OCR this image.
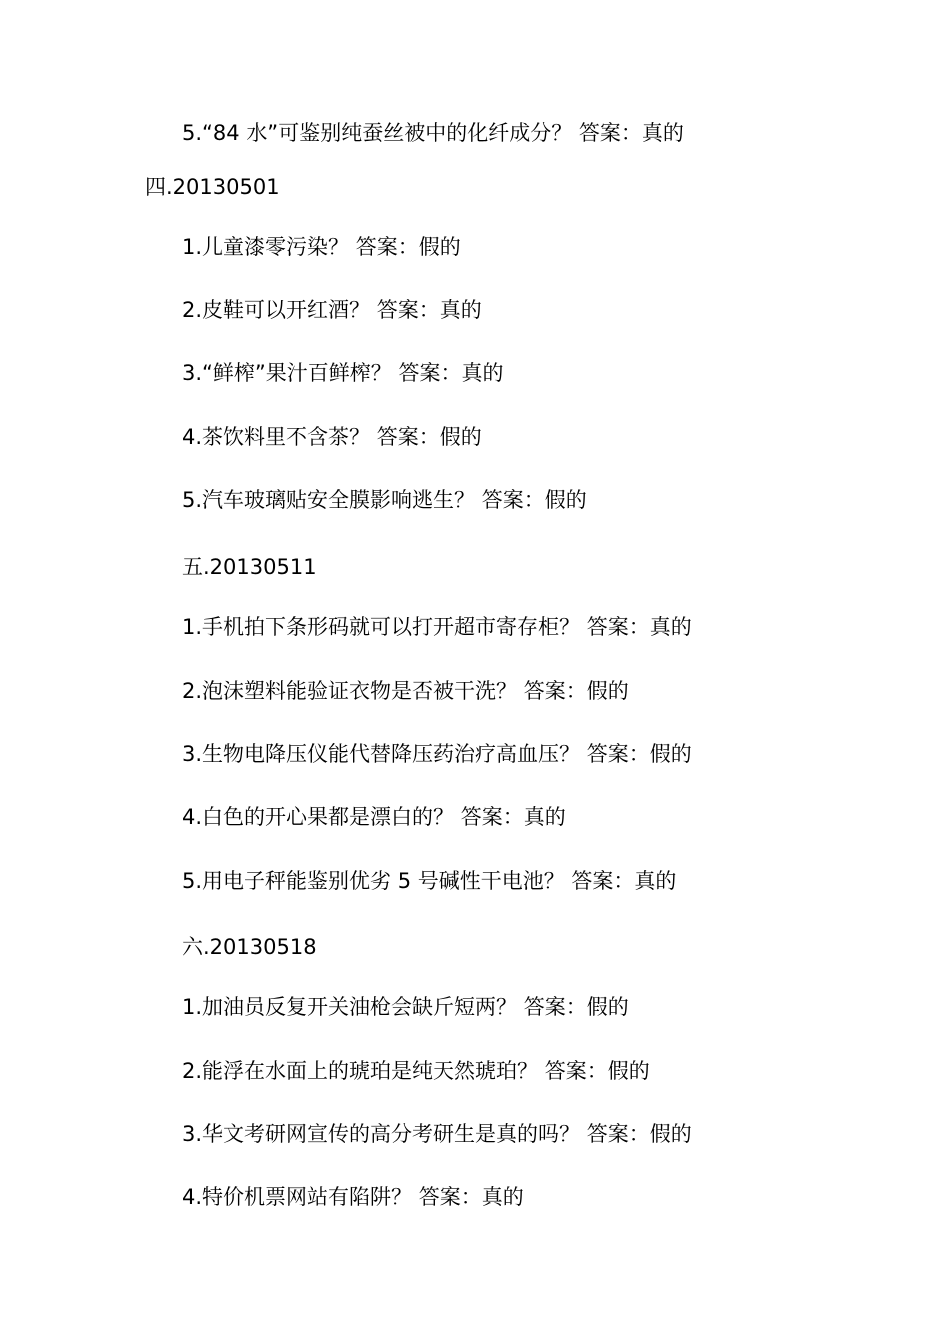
5.“84 水”可鉴别纯蚕丝被中的化纤成分？ 答案：真的
四.20130501
1.儿童漆零污染？ 答案：假的
2.皮鞋可以开红酒？ 答案：真的
3.“鲜榨”果汁百鲜榨？ 答案：真的
4.茶饮料里不含茶？ 答案：假的
5.汽车玻璃贴安全膜影响逃生？ 答案：假的
五.20130511
1.手机拍下条形码就可以打开超市寄存柜？ 答案：真的
2.泡沫塑料能验证衣物是否被干洗？ 答案：假的
3.生物电降压仪能代替降压药治疗高血压？ 答案：假的
4.白色的开心果都是漂白的？ 答案：真的
5.用电子秤能鉴别优劣 5 号碱性干电池？ 答案：真的
六.20130518
1.加油员反复开关油枪会缺斤短两？ 答案：假的
2.能浮在水面上的琥珀是纯天然琥珀？ 答案：假的
3.华文考研网宣传的高分考研生是真的吗？ 答案：假的
4.特价机票网站有陷阱？ 答案：真的
